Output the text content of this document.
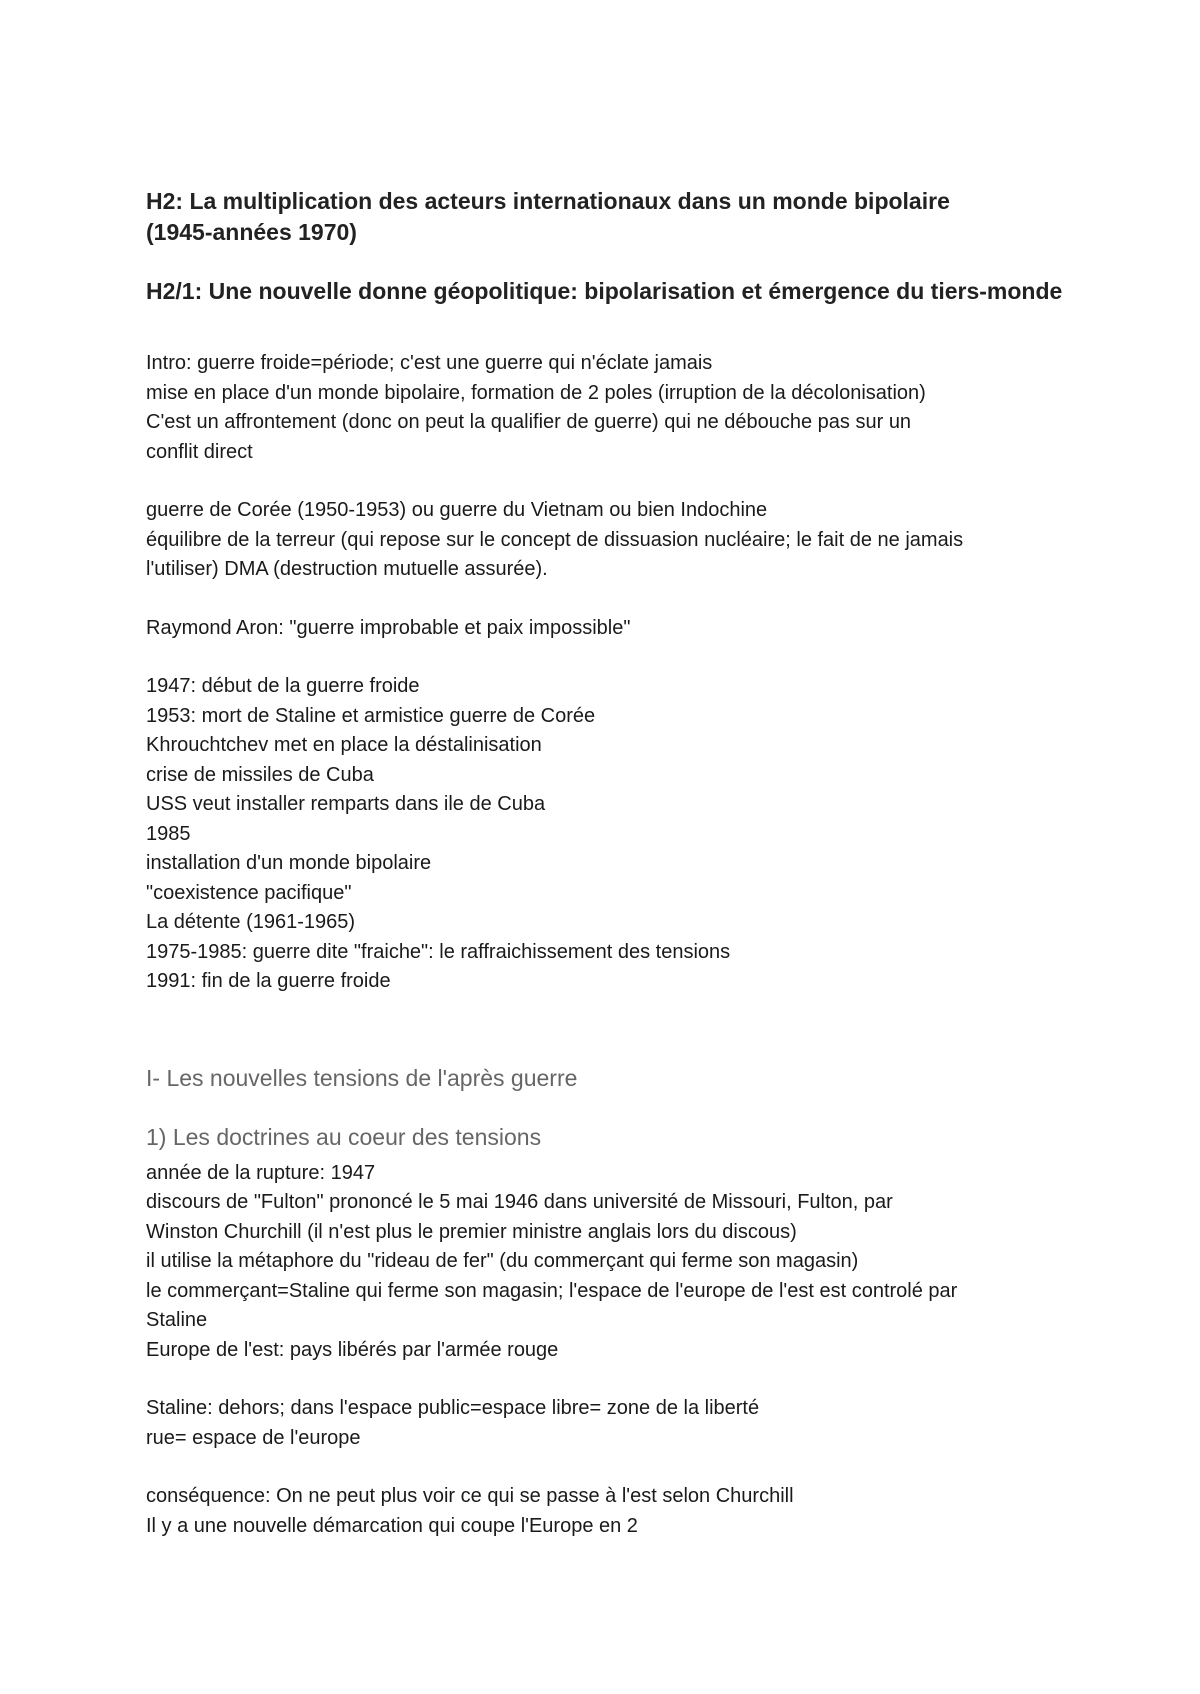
H2: La multiplication des acteurs internationaux dans un monde bipolaire
(1945-années 1970)
H2/1: Une nouvelle donne géopolitique: bipolarisation et émergence du tiers-monde

Intro: guerre froide=période; c'est une guerre qui n'éclate jamais
mise en place d'un monde bipolaire, formation de 2 poles (irruption de la décolonisation)
C'est un affrontement (donc on peut la qualifier de guerre) qui ne débouche pas sur un
conflit direct

guerre de Corée (1950-1953) ou guerre du Vietnam ou bien Indochine
équilibre de la terreur (qui repose sur le concept de dissuasion nucléaire; le fait de ne jamais
l'utiliser) DMA (destruction mutuelle assurée).

Raymond Aron: "guerre improbable et paix impossible"

1947: début de la guerre froide
1953: mort de Staline et armistice guerre de Corée
Khrouchtchev met en place la déstalinisation
crise de missiles de Cuba
USS veut installer remparts dans ile de Cuba
1985
installation d'un monde bipolaire
"coexistence pacifique"
La détente (1961-1965)
1975-1985: guerre dite "fraiche": le raffraichissement des tensions
1991: fin de la guerre froide

I- Les nouvelles tensions de l'après guerre
1) Les doctrines au coeur des tensions

année de la rupture: 1947
discours de "Fulton" prononcé le 5 mai 1946 dans université de Missouri, Fulton, par
Winston Churchill (il n'est plus le premier ministre anglais lors du discous)
il utilise la métaphore du "rideau de fer" (du commerçant qui ferme son magasin)
le commerçant=Staline qui ferme son magasin; l'espace de l'europe de l'est est controlé par
Staline
Europe de l'est: pays libérés par l'armée rouge

Staline: dehors; dans l'espace public=espace libre= zone de la liberté
rue= espace de l'europe

conséquence: On ne peut plus voir ce qui se passe à l'est selon Churchill
Il y a une nouvelle démarcation qui coupe l'Europe en 2
